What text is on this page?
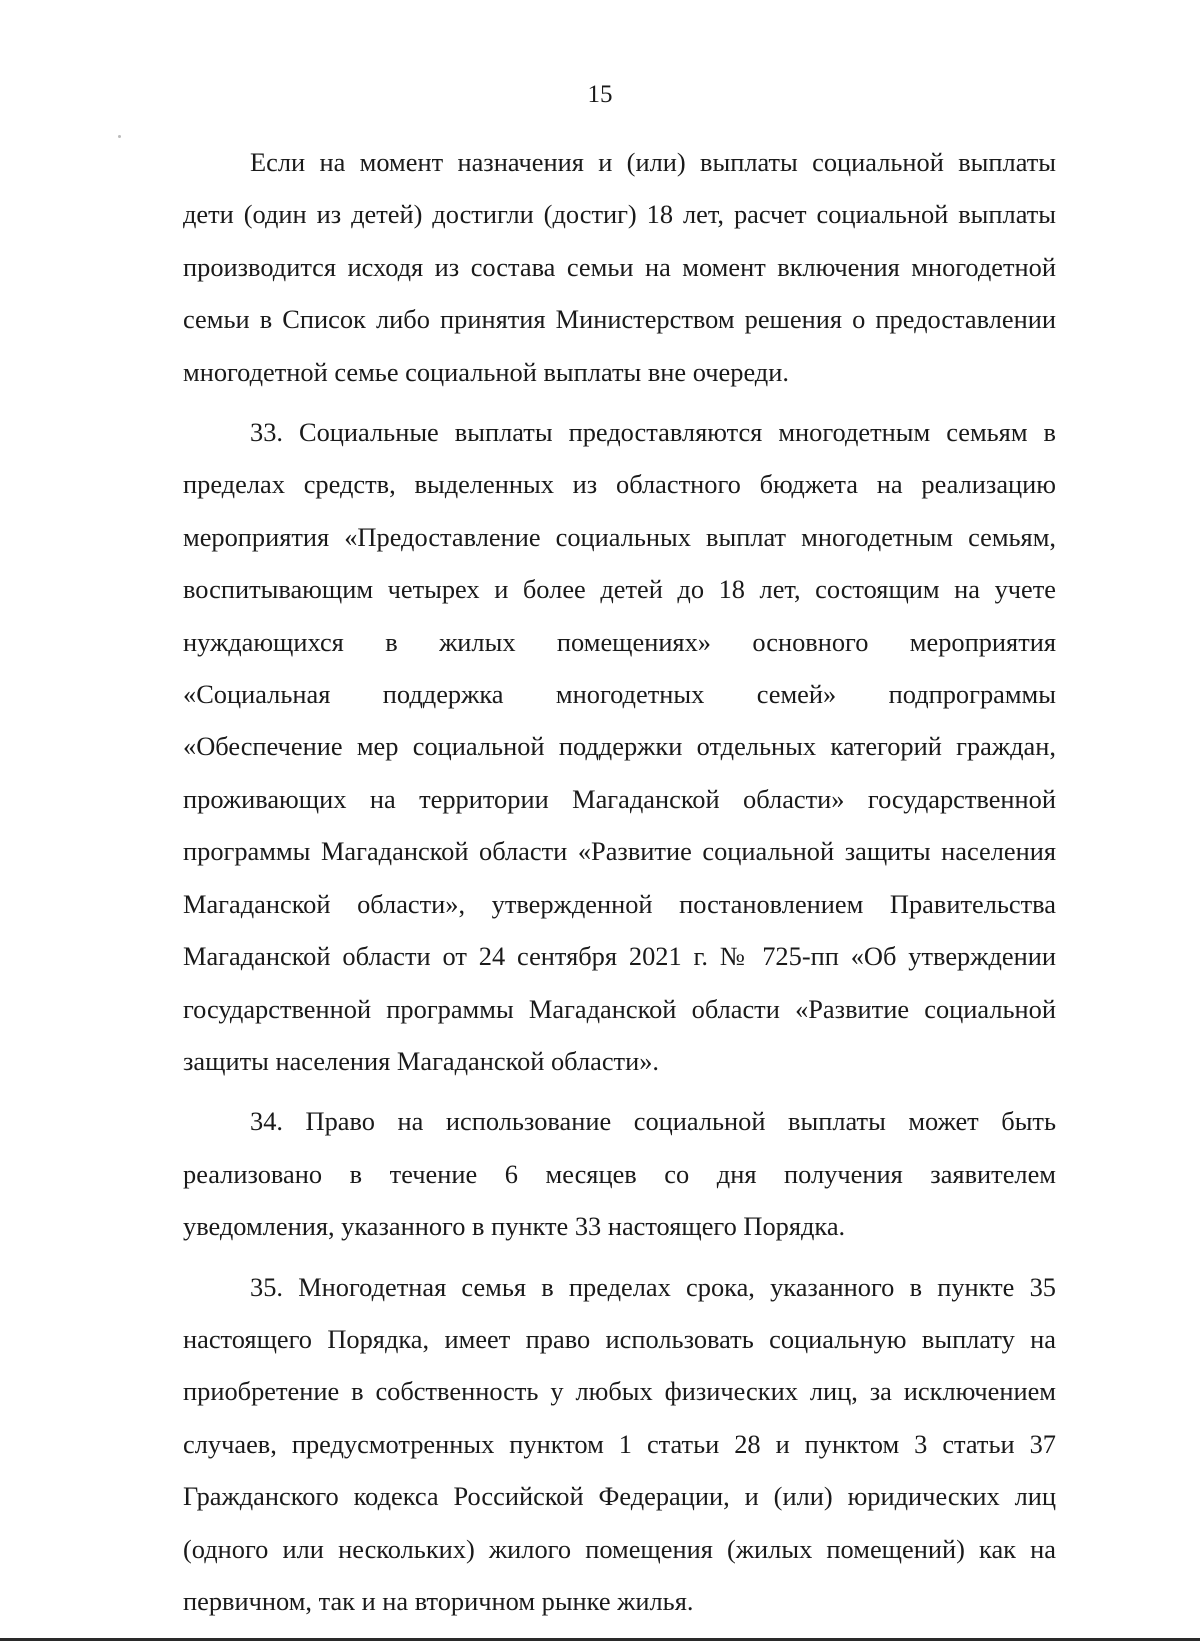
15
Если на момент назначения и (или) выплаты социальной выплаты
дети (один из детей) достигли (достиг) 18 лет, расчет социальной выплаты
производится исходя из состава семьи на момент включения многодетной
семьи в Список либо принятия Министерством решения о предоставлении
многодетной семье социальной выплаты вне очереди.
33. Социальные выплаты предоставляются многодетным семьям в
пределах средств, выделенных из областного бюджета на реализацию
мероприятия «Предоставление социальных выплат многодетным семьям,
воспитывающим четырех и более детей до 18 лет, состоящим на учете
нуждающихся в жилых помещениях» основного мероприятия
«Социальная поддержка многодетных семей» подпрограммы
«Обеспечение мер социальной поддержки отдельных категорий граждан,
проживающих на территории Магаданской области» государственной
программы Магаданской области «Развитие социальной защиты населения
Магаданской области», утвержденной постановлением Правительства
Магаданской области от 24 сентября 2021 г. № 725-пп «Об утверждении
государственной программы Магаданской области «Развитие социальной
защиты населения Магаданской области».
34. Право на использование социальной выплаты может быть
реализовано в течение 6 месяцев со дня получения заявителем
уведомления, указанного в пункте 33 настоящего Порядка.
35. Многодетная семья в пределах срока, указанного в пункте 35
настоящего Порядка, имеет право использовать социальную выплату на
приобретение в собственность у любых физических лиц, за исключением
случаев, предусмотренных пунктом 1 статьи 28 и пунктом 3 статьи 37
Гражданского кодекса Российской Федерации, и (или) юридических лиц
(одного или нескольких) жилого помещения (жилых помещений) как на
первичном, так и на вторичном рынке жилья.
